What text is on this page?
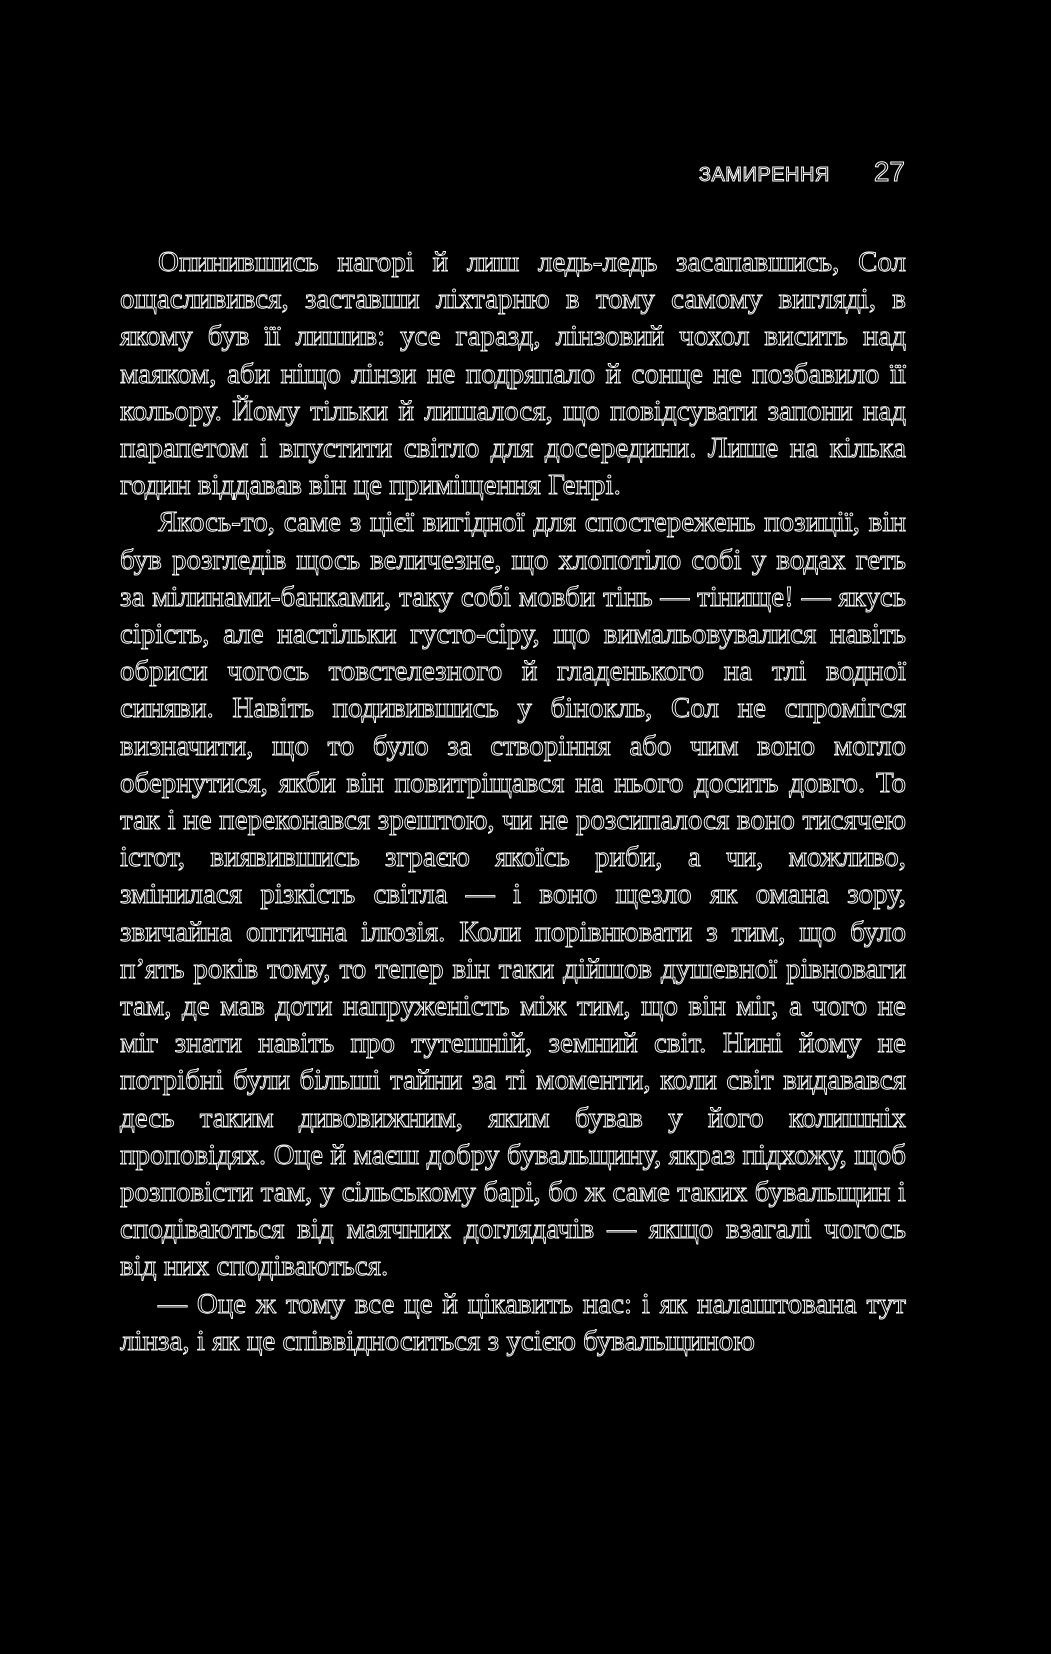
ЗАМИРЕННЯ 27

Опинившись нагорі й лиш ледь-ледь засапавшись, Сол ощасливився, заставши ліхтарню в тому самому вигляді, в якому був її лишив: усе гаразд, лінзовий чохол висить над маяком, аби ніщо лінзи не подряпало й сонце не позбавило її кольору. Йому тільки й лишалося, що повідсувати запони над парапетом і впустити світло для досередини. Лише на кілька годин віддавав він це приміщення Генрі.

Якось-то, саме з цієї вигідної для спостережень позиції, він був розгледів щось величезне, що хлопотіло собі у водах геть за мілинами-банками, таку собі мовби тінь — тінище! — якусь сірість, але настільки густо-сіру, що вимальовувалися навіть обриси чогось товстелезного й гладенького на тлі водної синяви. Навіть подивившись у бінокль, Сол не спромігся визначити, що то було за створіння або чим воно могло обернутися, якби він повитріщався на нього досить довго. То так і не переконався зрештою, чи не розсипалося воно тисячею істот, виявившись зграєю якоїсь риби, а чи, можливо, змінилася різкість світла — і воно щезло як омана зору, звичайна оптична ілюзія. Коли порівнювати з тим, що було п’ять років тому, то тепер він таки дійшов душевної рівноваги там, де мав доти напруженість між тим, що він міг, а чого не міг знати навіть про тутешній, земний світ. Нині йому не потрібні були більші тайни за ті моменти, коли світ видавався десь таким дивовижним, яким бував у його колишніх проповідях. Оце й маєш добру бувальщину, якраз підхожу, щоб розповісти там, у сільському барі, бо ж саме таких бувальщин і сподіваються від маячних доглядачів — якщо взагалі чогось від них сподіваються.

— Оце ж тому все це й цікавить нас: і як налаштована тут лінза, і як це співвідноситься з усією бувальщиною
